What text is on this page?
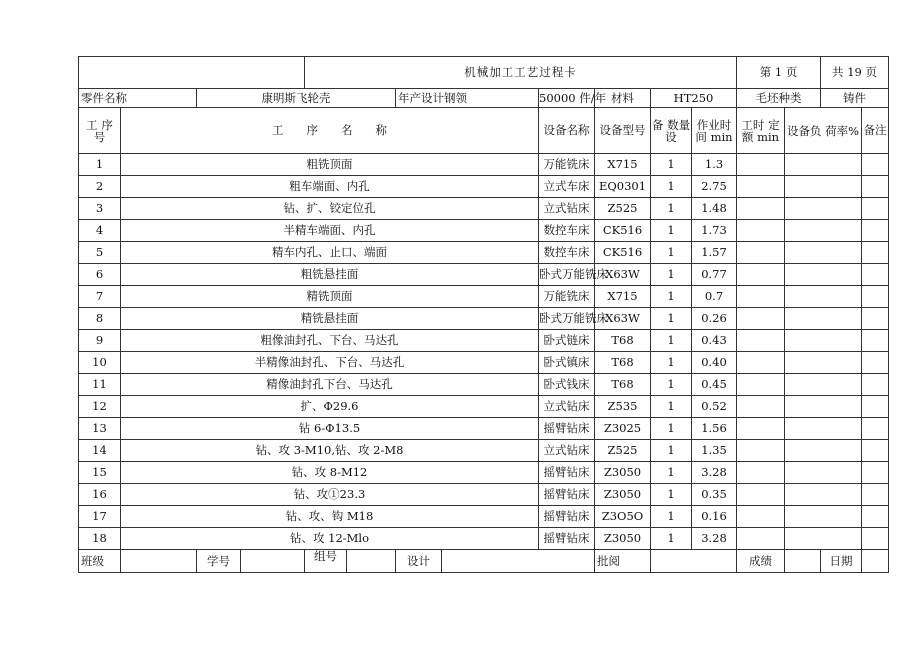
				机械加工工艺过程卡								第 1 页		共 19 页	
零件名称		康明斯飞轮壳				年产设计钢领		50000 件/年	材料	HT250		毛坯种类		铸件	
工 序 号	工　　序　　名　　称							设备名称	设备型号	备 数量 设	作业时 间 min	工时 定额 min	设备负 荷率%		备注
1	粗铣顶面							万能铣床	X715	1	1.3				
2	粗车端面、内孔							立式车床	EQ0301	1	2.75				
3	钻、扩、铰定位孔							立式钻床	Z525	1	1.48				
4	半精车端面、内孔							数控车床	CK516	1	1.73				
5	精车内孔、止口、端面							数控车床	CK516	1	1.57				
6	粗铣悬挂面							卧式万能铣床	X63W	1	0.77				
7	精铣顶面							万能铣床	X715	1	0.7				
8	精铣悬挂面							卧式万能铣床	X63W	1	0.26				
9	粗像油封孔、下台、马达孔							卧式链床	T68	1	0.43				
10	半精像油封孔、下台、马达孔							卧式镇床	T68	1	0.40				
11	精像油封孔下台、马达孔							卧式钱床	T68	1	0.45				
12	扩、Φ29.6							立式钻床	Z535	1	0.52				
13	钻 6-Φ13.5							摇臂钻床	Z3025	1	1.56				
14	钻、攻 3-M10,钻、攻 2-M8							立式钻床	Z525	1	1.35				
15	钻、攻 8-M12							摇臂钻床	Z3050	1	3.28				
16	钻、攻①23.3							摇臂钻床	Z3050	1	0.35				
17	钻、攻、钩 M18							摇臂钻床	Z3O5O	1	0.16				
18	钻、攻 12-Mlo							摇臂钻床	Z3050	1	3.28				
班级		学号		组号		设计			批阅			成绩		日期	
